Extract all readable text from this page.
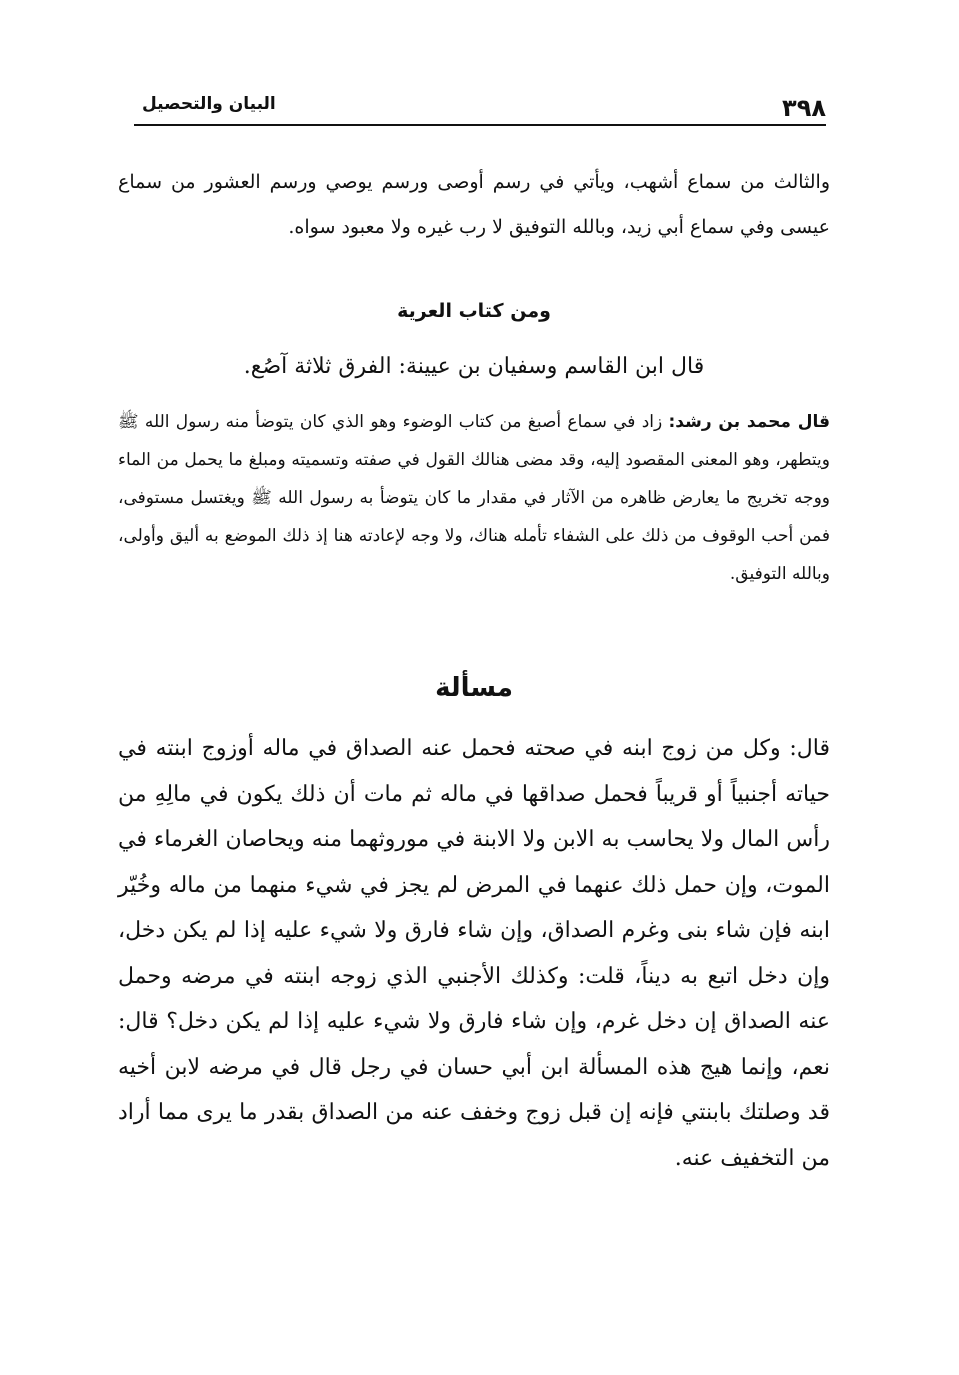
٣٩٨
البيان والتحصيل

والثالث من سماع أشهب، ويأتي في رسم أوصى ورسم يوصي ورسم العشور من سماع عيسى وفي سماع أبي زيد، وبالله التوفيق لا رب غيره ولا معبود سواه.

ومن كتاب العرية
قال ابن القاسم وسفيان بن عيينة: الفرق ثلاثة آصُع.

قال محمد بن رشد: زاد في سماع أصبغ من كتاب الوضوء وهو الذي كان يتوضأ منه رسول الله ﷺ ويتطهر، وهو المعنى المقصود إليه، وقد مضى هنالك القول في صفته وتسميته ومبلغ ما يحمل من الماء ووجه تخريج ما يعارض ظاهره من الآثار في مقدار ما كان يتوضأ به رسول الله ﷺ ويغتسل مستوفى، فمن أحب الوقوف من ذلك على الشفاء تأمله هناك، ولا وجه لإعادته هنا إذ ذلك الموضع به أليق وأولى، وبالله التوفيق.

مسألة

قال: وكل من زوج ابنه في صحته فحمل عنه الصداق في ماله أوزوج ابنته في حياته أجنبياً أو قريباً فحمل صداقها في ماله ثم مات أن ذلك يكون في مالِهِ من رأس المال ولا يحاسب به الابن ولا الابنة في موروثهما منه ويحاصان الغرماء في الموت، وإن حمل ذلك عنهما في المرض لم يجز في شيء منهما من ماله وخُيّر ابنه فإن شاء بنى وغرم الصداق، وإن شاء فارق ولا شيء عليه إذا لم يكن دخل، وإن دخل اتبع به ديناً، قلت: وكذلك الأجنبي الذي زوجه ابنته في مرضه وحمل عنه الصداق إن دخل غرم، وإن شاء فارق ولا شيء عليه إذا لم يكن دخل؟ قال: نعم، وإنما هيج هذه المسألة ابن أبي حسان في رجل قال في مرضه لابن أخيه قد وصلتك بابنتي فإنه إن قبل زوج وخفف عنه من الصداق بقدر ما يرى مما أراد من التخفيف عنه.
